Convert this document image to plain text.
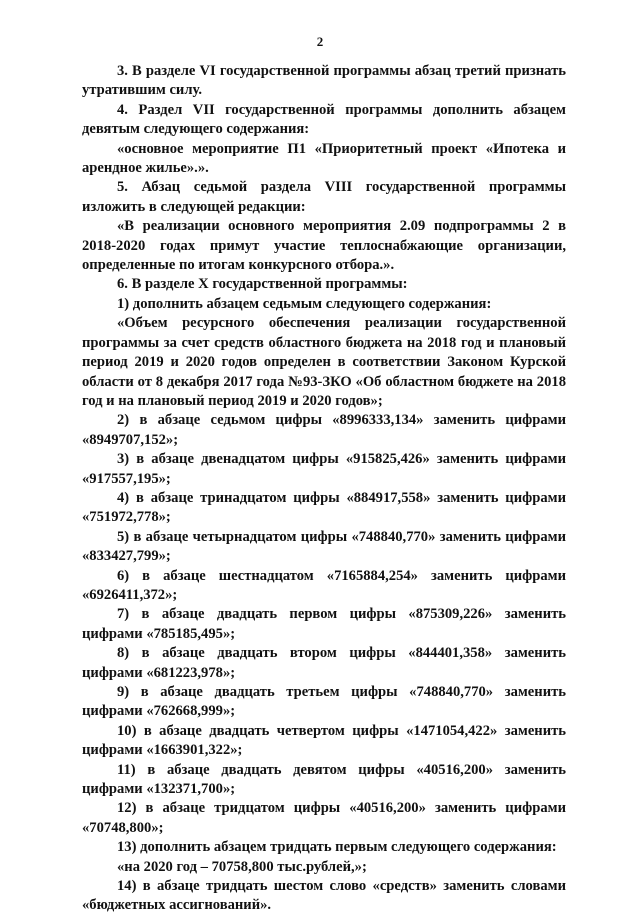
2

3. В разделе VI государственной программы абзац третий признать утратившим силу.

4. Раздел VII государственной программы дополнить абзацем девятым следующего содержания:

«основное мероприятие П1 «Приоритетный проект «Ипотека и арендное жилье».».

5. Абзац седьмой раздела VIII государственной программы изложить в следующей редакции:

«В реализации основного мероприятия 2.09 подпрограммы 2 в 2018-2020 годах примут участие теплоснабжающие организации, определенные по итогам конкурсного отбора.».

6. В разделе X государственной программы:

1) дополнить абзацем седьмым следующего содержания:

«Объем ресурсного обеспечения реализации государственной программы за счет средств областного бюджета на 2018 год и плановый период 2019 и 2020 годов определен в соответствии Законом Курской области от 8 декабря 2017 года №93-ЗКО «Об областном бюджете на 2018 год и на плановый период 2019 и 2020 годов»;

2) в абзаце седьмом цифры «8996333,134» заменить цифрами «8949707,152»;

3) в абзаце двенадцатом цифры «915825,426» заменить цифрами «917557,195»;

4) в абзаце тринадцатом цифры «884917,558» заменить цифрами «751972,778»;

5) в абзаце четырнадцатом цифры «748840,770» заменить цифрами «833427,799»;

6) в абзаце шестнадцатом «7165884,254» заменить цифрами «6926411,372»;

7) в абзаце двадцать первом цифры «875309,226» заменить цифрами «785185,495»;

8) в абзаце двадцать втором цифры «844401,358» заменить цифрами «681223,978»;

9) в абзаце двадцать третьем цифры «748840,770» заменить цифрами «762668,999»;

10) в абзаце двадцать четвертом цифры «1471054,422» заменить цифрами «1663901,322»;

11) в абзаце двадцать девятом цифры «40516,200» заменить цифрами «132371,700»;

12) в абзаце тридцатом цифры «40516,200» заменить цифрами «70748,800»;

13) дополнить абзацем тридцать первым следующего содержания:

«на 2020 год – 70758,800 тыс.рублей,»;

14) в абзаце тридцать шестом слово «средств» заменить словами «бюджетных ассигнований».
